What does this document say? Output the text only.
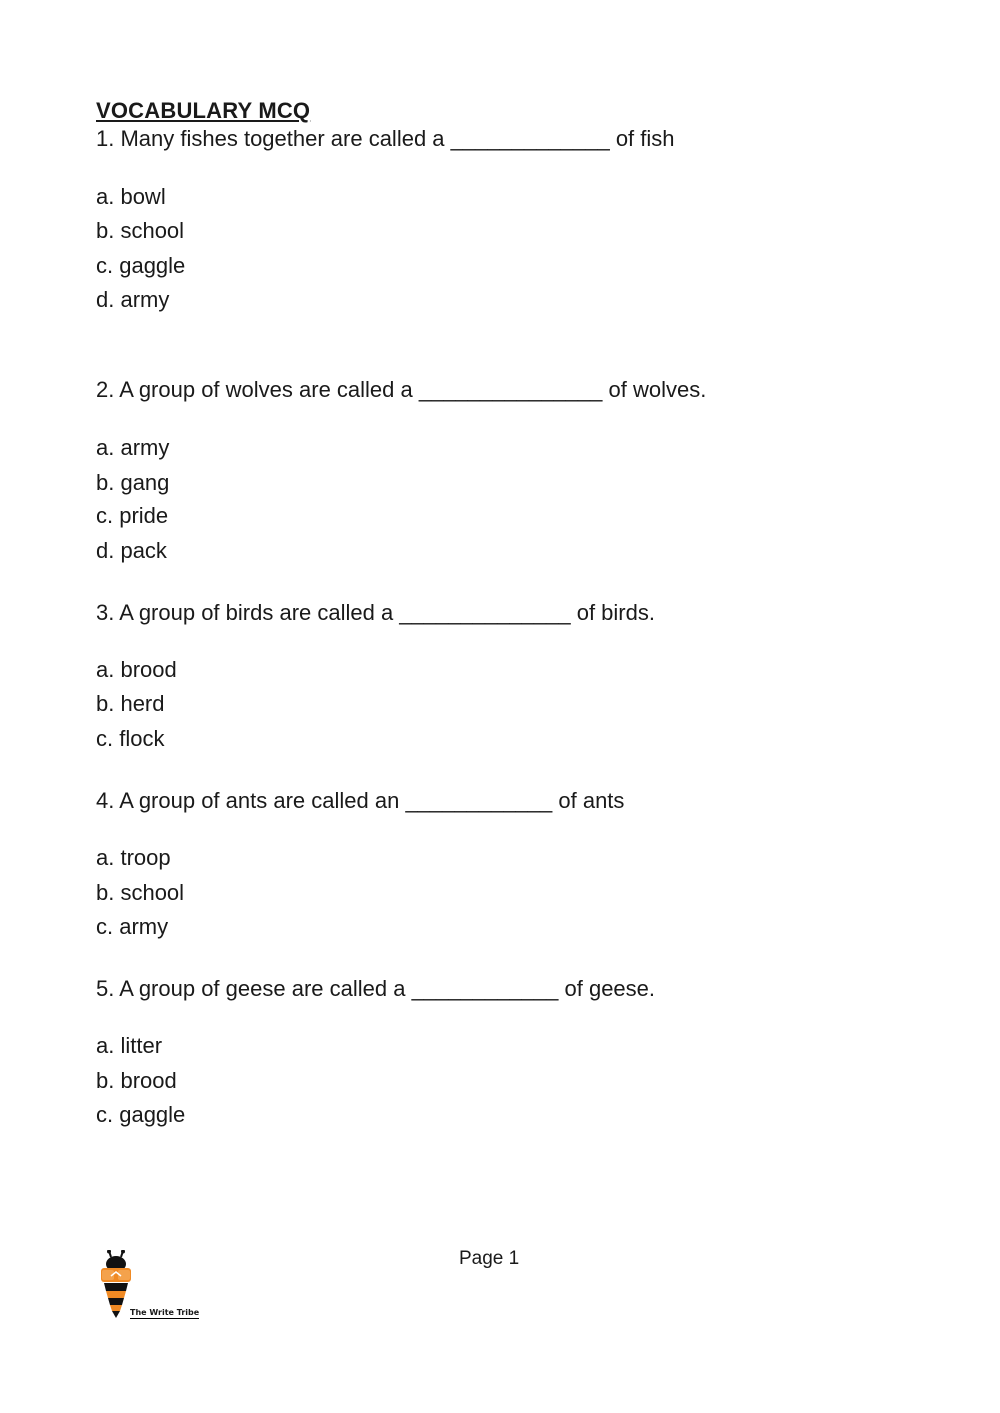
VOCABULARY MCQ

1. Many fishes together are called a _____________ of fish

a. bowl

b. school

c. gaggle

d. army

2. A group of wolves are called a _______________ of wolves.

a. army

b. gang

c. pride

d. pack

3. A group of birds are called a ______________ of birds.

a. brood

b. herd

c. flock

4. A group of ants are called an ____________ of ants

a. troop

b. school

c. army

5. A group of geese are called a ____________ of geese.

a. litter

b. brood

c. gaggle

The Write Tribe
Page 1
